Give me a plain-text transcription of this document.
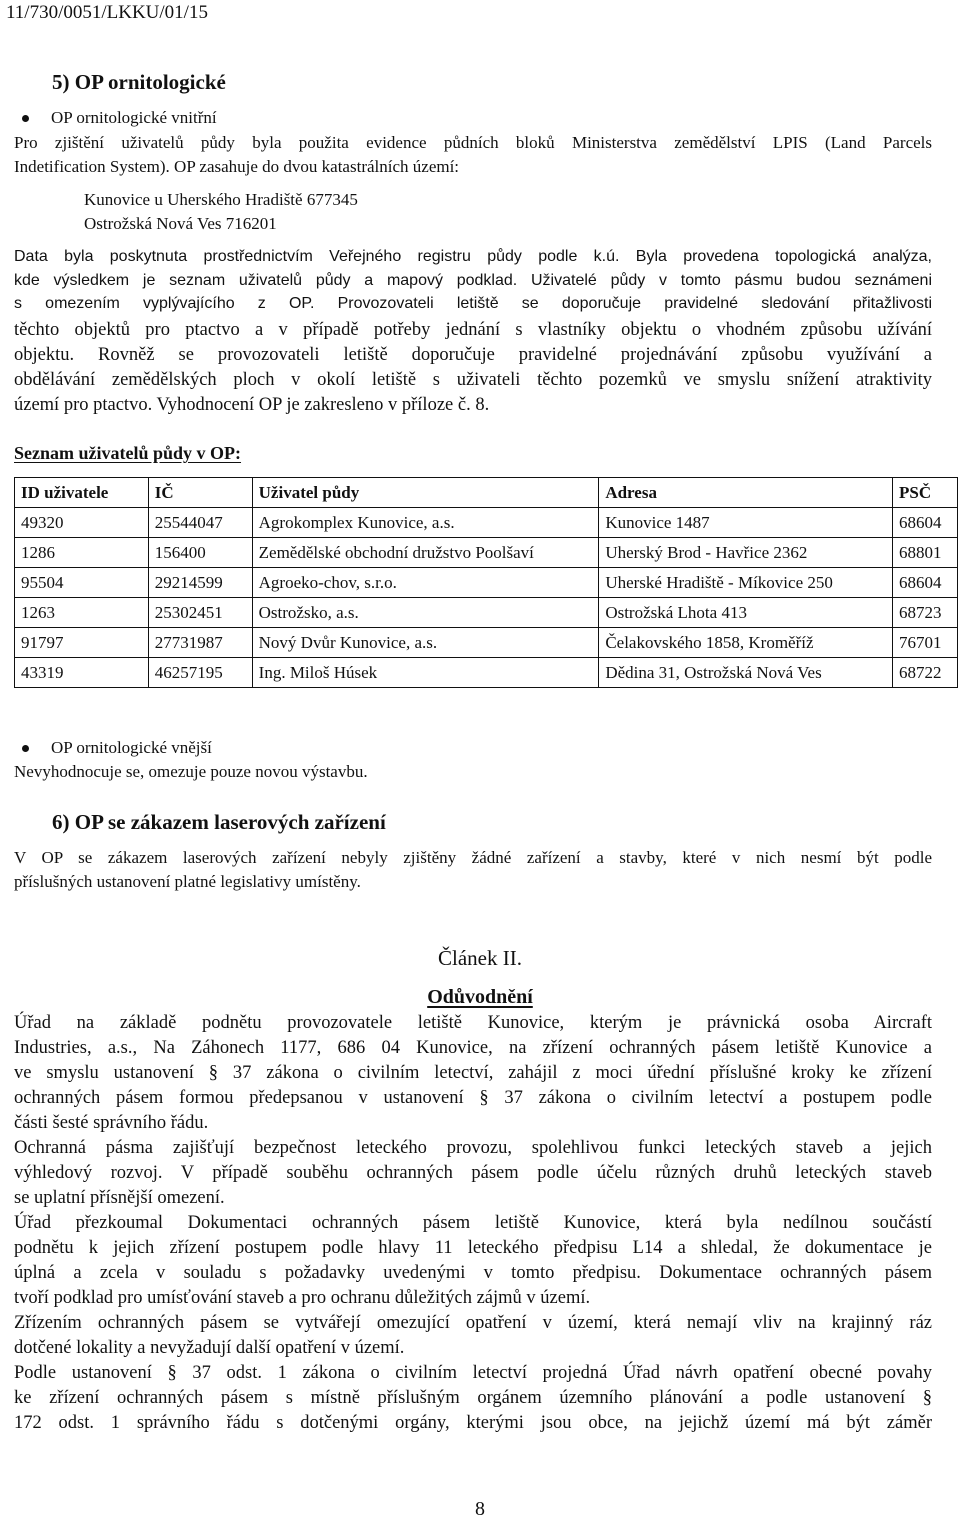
11/730/0051/LKKU/01/15
5) OP ornitologické
OP ornitologické vnitřní
Pro zjištění uživatelů půdy byla použita evidence půdních bloků Ministerstva zemědělství LPIS (Land Parcels
Indetification System). OP zasahuje do dvou katastrálních území:
Kunovice u Uherského Hradiště 677345
Ostrožská Nová Ves 716201
Data byla poskytnuta prostřednictvím Veřejného registru půdy podle k.ú. Byla provedena topologická analýza,
kde výsledkem je seznam uživatelů půdy a mapový podklad. Uživatelé půdy v tomto pásmu budou seznámeni
s omezením vyplývajícího z OP. Provozovateli letiště se doporučuje pravidelné sledování přitažlivosti
těchto objektů pro ptactvo a v případě potřeby jednání s vlastníky objektu o vhodném způsobu užívání
objektu. Rovněž se provozovateli letiště doporučuje pravidelné projednávání způsobu využívání a
obdělávání zemědělských ploch v okolí letiště s uživateli těchto pozemků ve smyslu snížení atraktivity
území pro ptactvo. Vyhodnocení OP je zakresleno v příloze č. 8.
Seznam uživatelů půdy v OP:
ID uživatele	IČ	Uživatel půdy	Adresa	PSČ
49320	25544047	Agrokomplex Kunovice, a.s.	Kunovice 1487	68604
1286	156400	Zemědělské obchodní družstvo Poolšaví	Uherský Brod - Havřice 2362	68801
95504	29214599	Agroeko-chov, s.r.o.	Uherské Hradiště - Míkovice 250	68604
1263	25302451	Ostrožsko, a.s.	Ostrožská Lhota 413	68723
91797	27731987	Nový Dvůr Kunovice, a.s.	Čelakovského 1858, Kroměříž	76701
43319	46257195	Ing. Miloš Húsek	Dědina 31, Ostrožská Nová Ves	68722
OP ornitologické vnější
Nevyhodnocuje se, omezuje pouze novou výstavbu.
6) OP se zákazem laserových zařízení
V OP se zákazem laserových zařízení nebyly zjištěny žádné zařízení a stavby, které v nich nesmí být podle
příslušných ustanovení platné legislativy umístěny.
Článek II.
Odůvodnění
Úřad na základě podnětu provozovatele letiště Kunovice, kterým je právnická osoba Aircraft
Industries, a.s., Na Záhonech 1177, 686 04 Kunovice, na zřízení ochranných pásem letiště Kunovice a
ve smyslu ustanovení § 37 zákona o civilním letectví, zahájil z moci úřední příslušné kroky ke zřízení
ochranných pásem formou předepsanou v ustanovení § 37 zákona o civilním letectví a postupem podle
části šesté správního řádu.
Ochranná pásma zajišťují bezpečnost leteckého provozu, spolehlivou funkci leteckých staveb a jejich
výhledový rozvoj. V případě souběhu ochranných pásem podle účelu různých druhů leteckých staveb
se uplatní přísnější omezení.
Úřad přezkoumal Dokumentaci ochranných pásem letiště Kunovice, která byla nedílnou součástí
podnětu k jejich zřízení postupem podle hlavy 11 leteckého předpisu L14 a shledal, že dokumentace je
úplná a zcela v souladu s požadavky uvedenými v tomto předpisu. Dokumentace ochranných pásem
tvoří podklad pro umísťování staveb a pro ochranu důležitých zájmů v území.
Zřízením ochranných pásem se vytvářejí omezující opatření v území, která nemají vliv na krajinný ráz
dotčené lokality a nevyžadují další opatření v území.
Podle ustanovení § 37 odst. 1 zákona o civilním letectví projedná Úřad návrh opatření obecné povahy
ke zřízení ochranných pásem s místně příslušným orgánem územního plánování a podle ustanovení §
172 odst. 1 správního řádu s dotčenými orgány, kterými jsou obce, na jejichž území má být záměr
8
